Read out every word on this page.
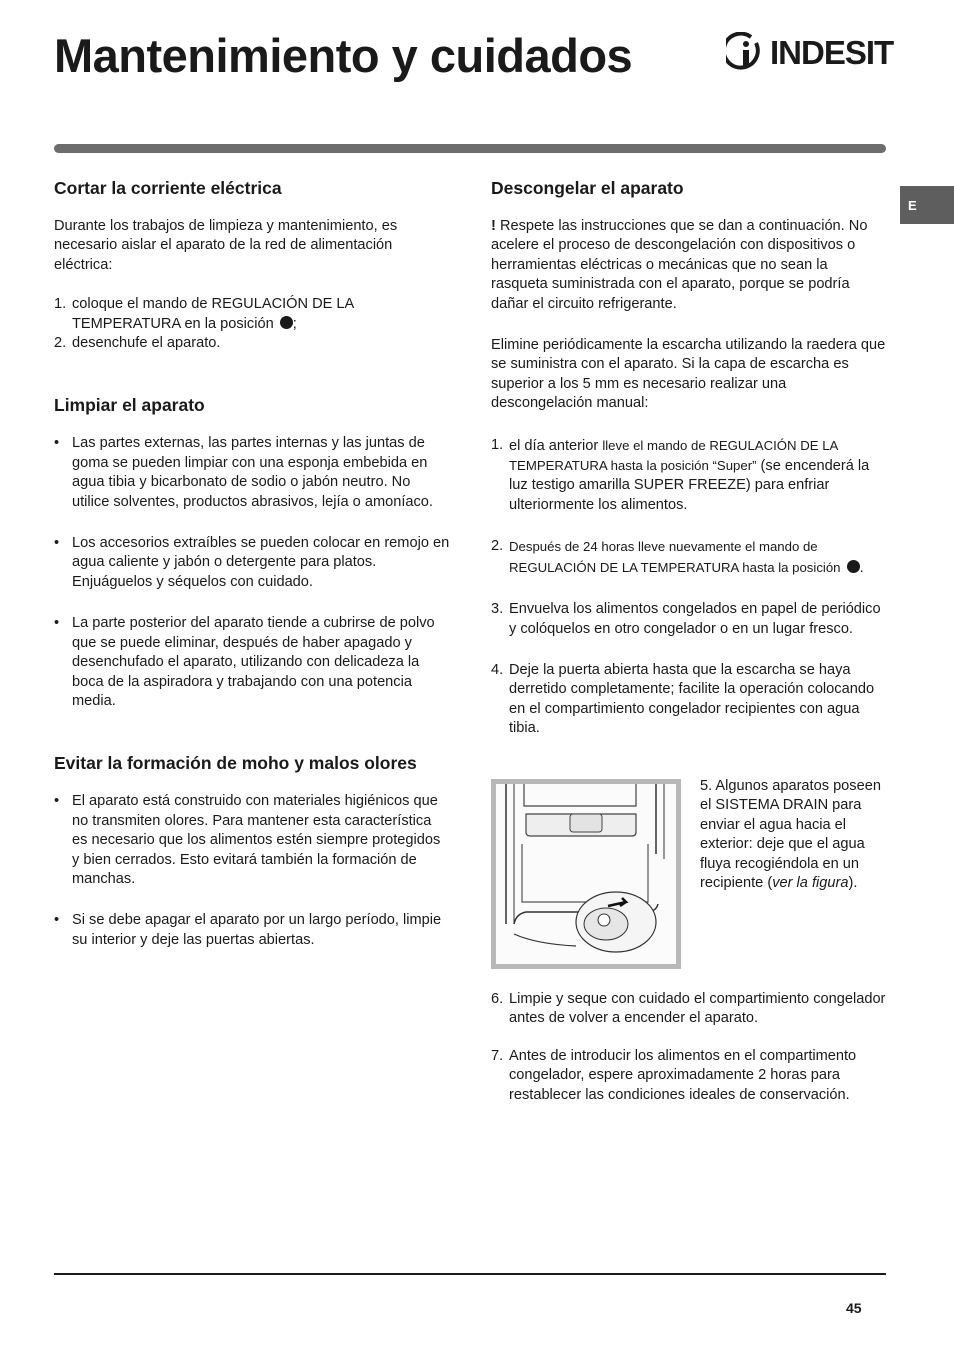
Mantenimiento y cuidados	INDESIT
E
Cortar la corriente eléctrica

Durante los trabajos de limpieza y mantenimiento, es necesario aislar el aparato de la red de alimentación eléctrica:

1. coloque el mando de REGULACIÓN DE LA TEMPERATURA en la posición ;
2. desenchufe el aparato.
Limpiar el aparato
• Las partes externas, las partes internas y las juntas de goma se pueden limpiar con una esponja embebida en agua tibia y bicarbonato de sodio o jabón neutro. No utilice solventes, productos abrasivos, lejía o amoníaco.
• Los accesorios extraíbles se pueden colocar en remojo en agua caliente y jabón o detergente para platos. Enjuáguelos y séquelos con cuidado.
• La parte posterior del aparato tiende a cubrirse de polvo que se puede eliminar, después de haber apagado y desenchufado el aparato, utilizando con delicadeza la boca de la aspiradora y trabajando con una potencia media.
Evitar la formación de moho y malos olores
• El aparato está construido con materiales higiénicos que no transmiten olores. Para mantener esta característica es necesario que los alimentos estén siempre protegidos y bien cerrados. Esto evitará también la formación de manchas.
• Si se debe apagar el aparato por un largo período, limpie su interior y deje las puertas abiertas.
Descongelar el aparato

! Respete las instrucciones que se dan a continuación. No acelere el proceso de descongelación con dispositivos o herramientas eléctricas o mecánicas que no sean la rasqueta suministrada con el aparato, porque se podría dañar el circuito refrigerante.

Elimine periódicamente la escarcha utilizando la raedera que se suministra con el aparato. Si la capa de escarcha es superior a los 5 mm es necesario realizar una descongelación manual:

1. el día anterior lleve el mando de REGULACIÓN DE LA TEMPERATURA hasta la posición “Super” (se encenderá la luz testigo amarilla SUPER FREEZE) para enfriar ulteriormente los alimentos.
2. Después de 24 horas lleve nuevamente el mando de REGULACIÓN DE LA TEMPERATURA hasta la posición .
3. Envuelva los alimentos congelados en papel de periódico y colóquelos en otro congelador o en un lugar fresco.
4. Deje la puerta abierta hasta que la escarcha se haya derretido completamente; facilite la operación colocando en el compartimiento congelador recipientes con agua tibia.
5. Algunos aparatos poseen el SISTEMA DRAIN para enviar el agua hacia el exterior: deje que el agua fluya recogiéndola en un recipiente (ver la figura).
6. Limpie y seque con cuidado el compartimiento congelador antes de volver a encender el aparato.
7. Antes de introducir los alimentos en el compartimento congelador, espere aproximadamente 2 horas para restablecer las condiciones ideales de conservación.
45
